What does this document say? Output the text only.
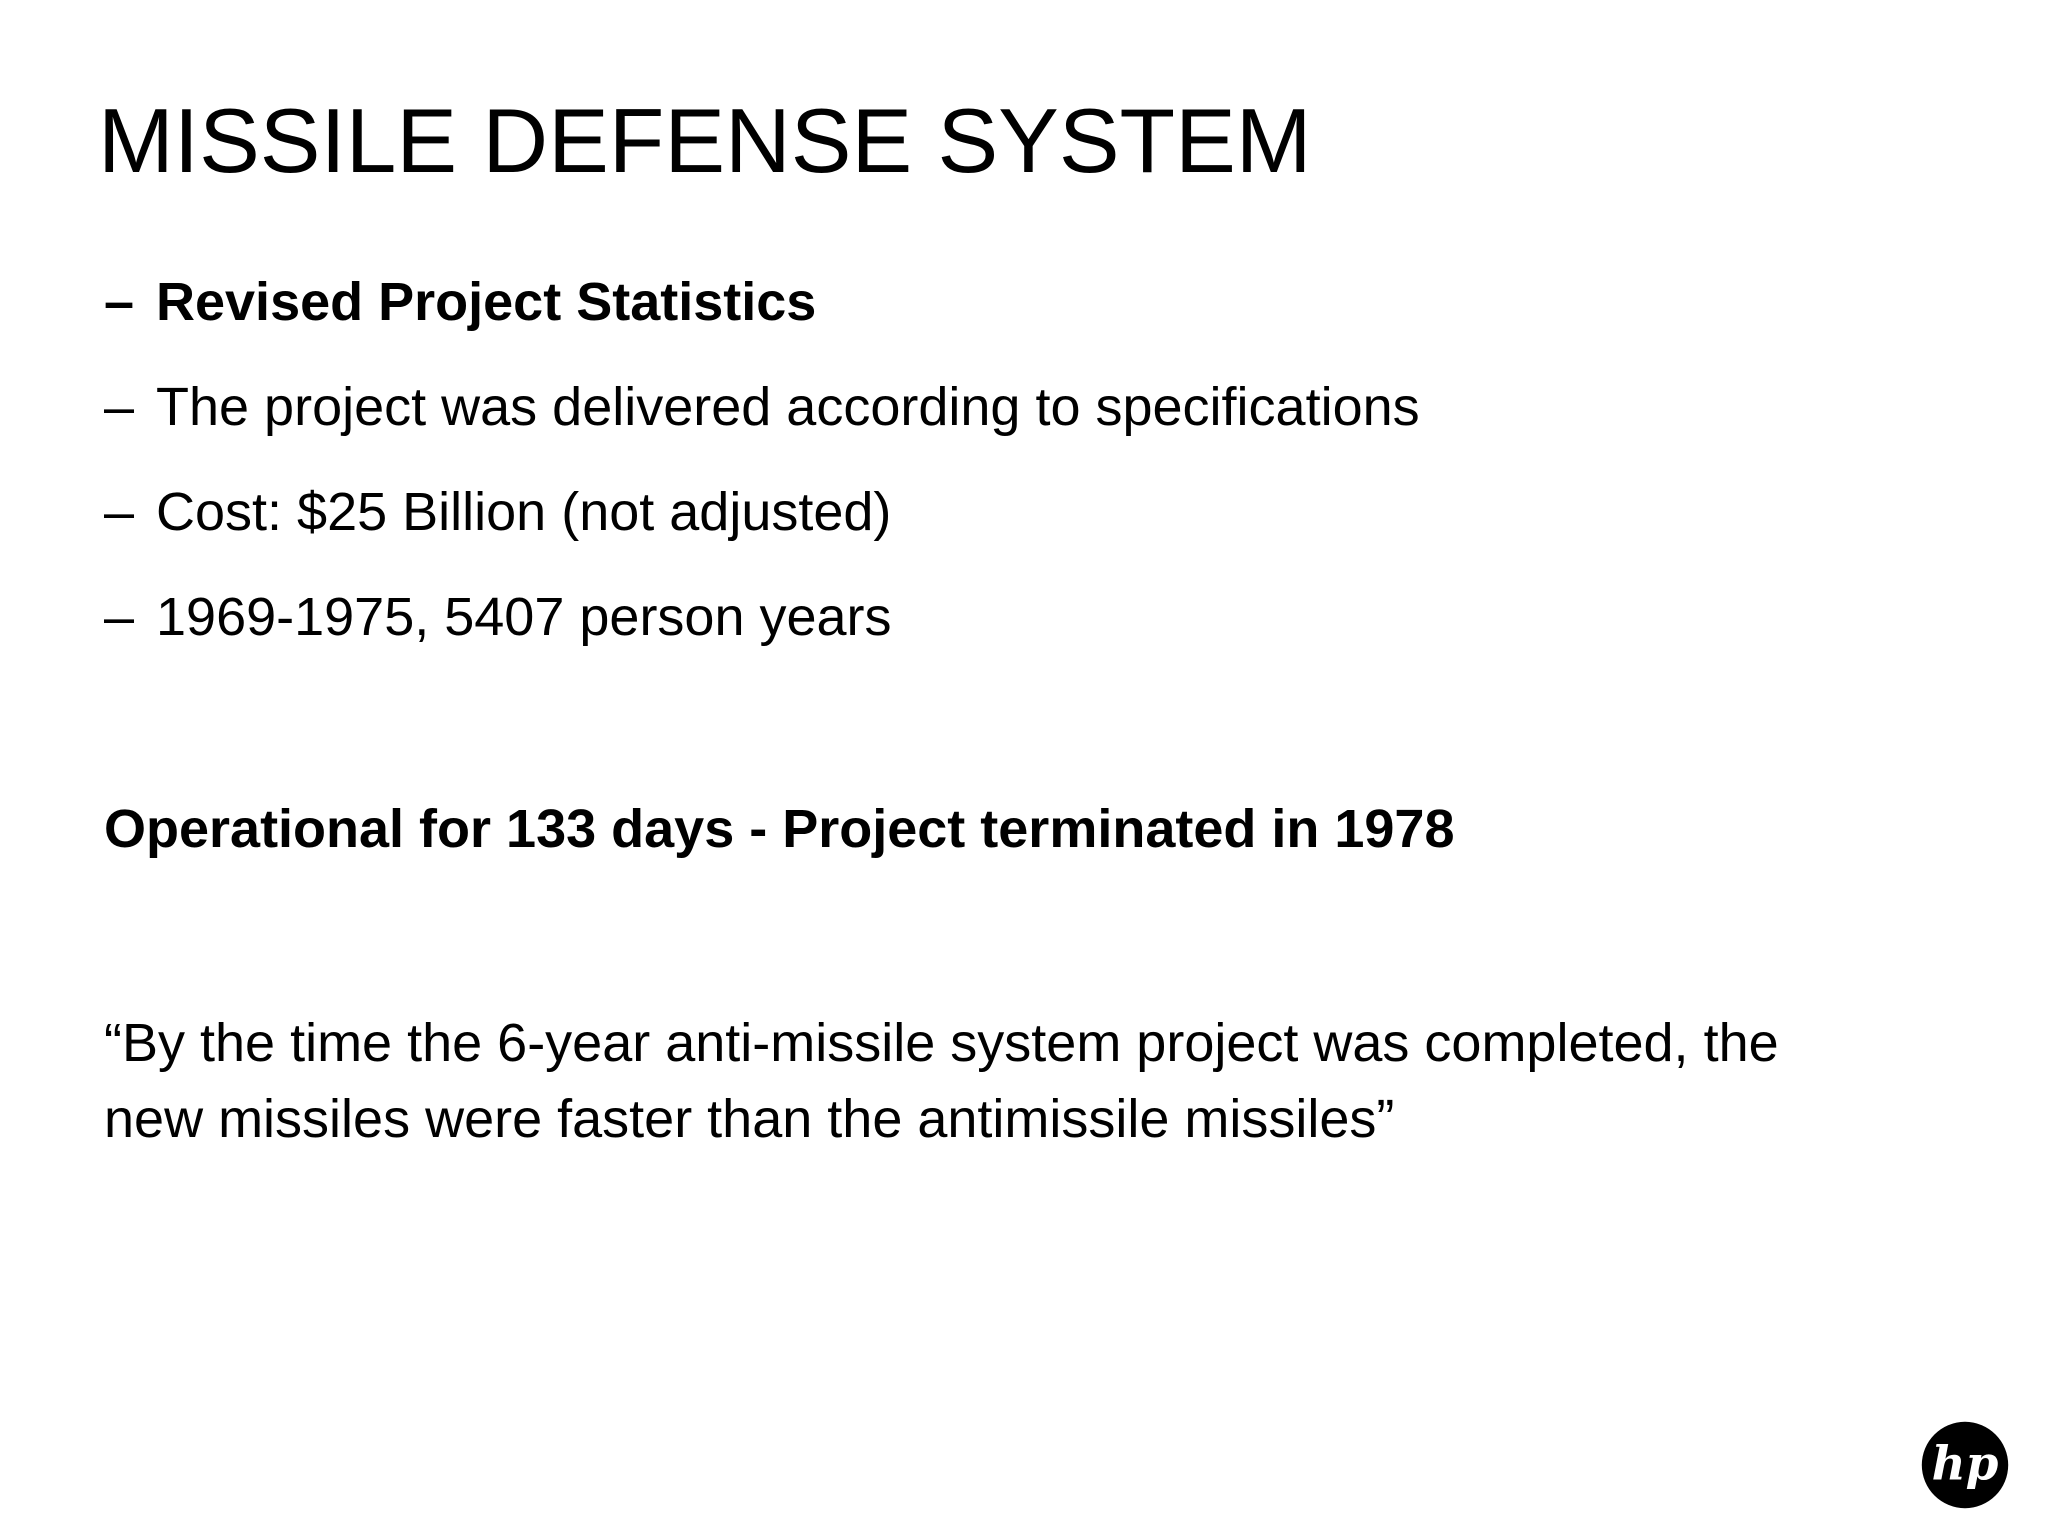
MISSILE DEFENSE SYSTEM
– Revised Project Statistics
– The project was delivered according to specifications
– Cost: $25 Billion (not adjusted)
– 1969-1975, 5407 person years

Operational for 133 days - Project terminated in 1978

“By the time the 6-year anti-missile system project was completed, the
new missiles were faster than the antimissile missiles”

hp
